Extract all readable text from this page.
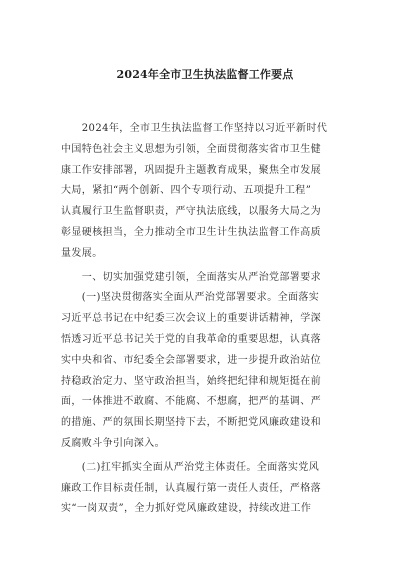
2024年全市卫生执法监督工作要点
　　2024年，全市卫生执法监督工作坚持以习近平新时代
中国特色社会主义思想为引领，全面贯彻落实省市卫生健
康工作安排部署，巩固提升主题教育成果，聚焦全市发展
大局，紧扣“两个创新、四个专项行动、五项提升工程”
认真履行卫生监督职责，严守执法底线，以服务大局之为
彰显硬核担当，全力推动全市卫生计生执法监督工作高质
量发展。
　　一、切实加强党建引领，全面落实从严治党部署要求
　　(一)坚决贯彻落实全面从严治党部署要求。全面落实
习近平总书记在中纪委三次会议上的重要讲话精神，学深
悟透习近平总书记关于党的自我革命的重要思想，认真落
实中央和省、市纪委全会部署要求，进一步提升政治站位
持稳政治定力、坚守政治担当，始终把纪律和规矩挺在前
面，一体推进不敢腐、不能腐、不想腐，把严的基调、严
的措施、严的氛围长期坚持下去，不断把党风廉政建设和
反腐败斗争引向深入。
　　(二)扛牢抓实全面从严治党主体责任。全面落实党风
廉政工作目标责任制，认真履行第一责任人责任，严格落
实“一岗双责”，全力抓好党风廉政建设，持续改进工作
